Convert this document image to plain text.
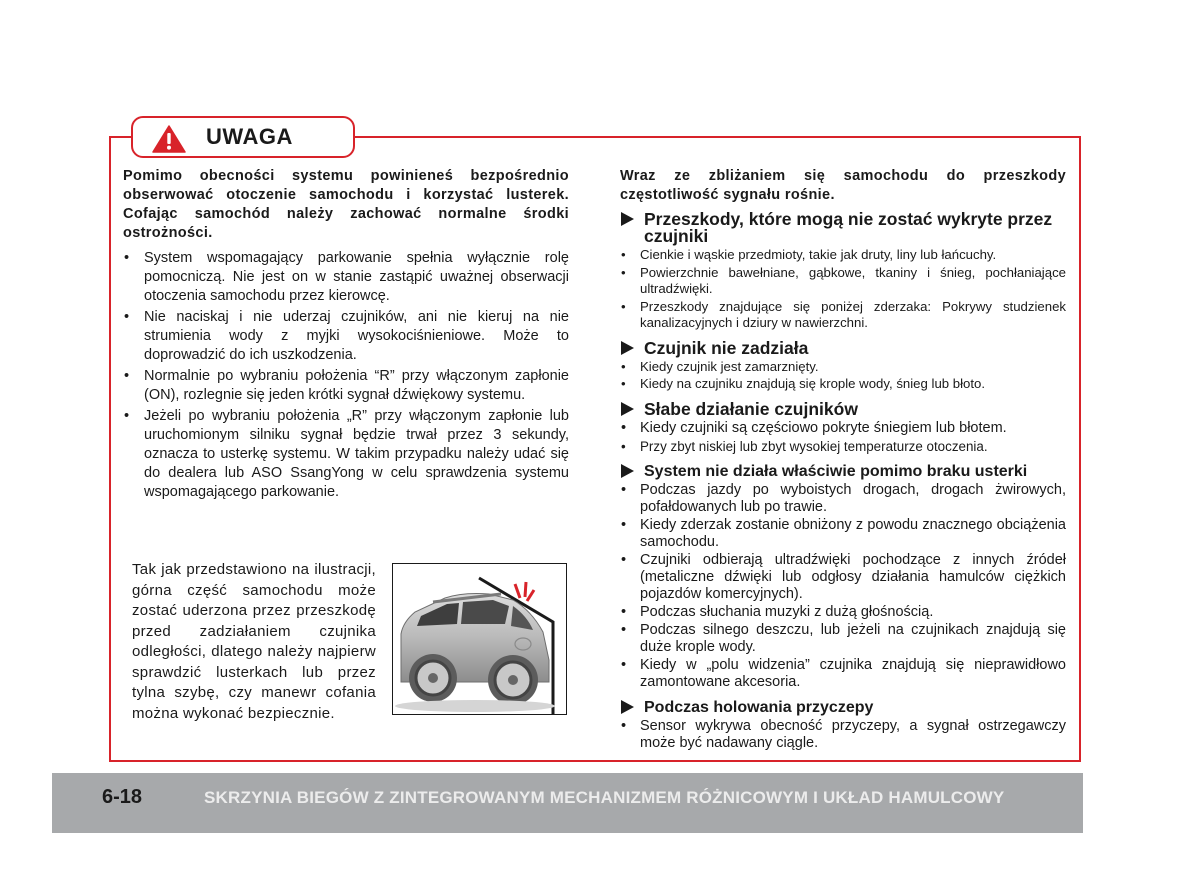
UWAGA

Pomimo obecności systemu powinieneś bezpośrednio obserwować otoczenie samochodu i korzystać lusterek. Cofając samochód należy zachować normalne środki ostrożności.

• System wspomagający parkowanie spełnia wyłącznie rolę pomocniczą. Nie jest on w stanie zastąpić uważnej obserwacji otoczenia samochodu przez kierowcę.
• Nie naciskaj i nie uderzaj czujników, ani nie kieruj na nie strumienia wody z myjki wysokociśnieniowe. Może to doprowadzić do ich uszkodzenia.
• Normalnie po wybraniu położenia “R” przy włączonym zapłonie (ON), rozlegnie się jeden krótki sygnał dźwiękowy systemu.
• Jeżeli po wybraniu położenia „R” przy włączonym zapłonie lub uruchomionym silniku sygnał będzie trwał przez 3 sekundy, oznacza to usterkę systemu. W takim przypadku należy udać się do dealera lub ASO SsangYong w celu sprawdzenia systemu wspomagającego parkowanie.

Tak jak przedstawiono na ilustracji, górna część samochodu może zostać uderzona przez przeszkodę przed zadziałaniem czujnika odległości, dlatego należy najpierw sprawdzić lusterkach lub przez tylna szybę, czy manewr cofania można wykonać bezpiecznie.

Wraz ze zbliżaniem się samochodu do przeszkody częstotliwość sygnału rośnie.

Przeszkody, które mogą nie zostać wykryte przez czujniki
• Cienkie i wąskie przedmioty, takie jak druty, liny lub łańcuchy.
• Powierzchnie bawełniane, gąbkowe, tkaniny i śnieg, pochłaniające ultradźwięki.
• Przeszkody znajdujące się poniżej zderzaka: Pokrywy studzienek kanalizacyjnych i dziury w nawierzchni.
Czujnik nie zadziała
• Kiedy czujnik jest zamarznięty.
• Kiedy na czujniku znajdują się krople wody, śnieg lub błoto.
Słabe działanie czujników
• Kiedy czujniki są częściowo pokryte śniegiem lub błotem.
• Przy zbyt niskiej lub zbyt wysokiej temperaturze otoczenia.
System nie działa właściwie pomimo braku usterki
• Podczas jazdy po wyboistych drogach, drogach żwirowych, pofałdowanych lub po trawie.
• Kiedy zderzak zostanie obniżony z powodu znacznego obciążenia samochodu.
• Czujniki odbierają ultradźwięki pochodzące z innych źródeł (metaliczne dźwięki lub odgłosy działania hamulców ciężkich pojazdów komercyjnych).
• Podczas słuchania muzyki z dużą głośnością.
• Podczas silnego deszczu, lub jeżeli na czujnikach znajdują się duże krople wody.
• Kiedy w „polu widzenia” czujnika znajdują się nieprawidłowo zamontowane akcesoria.
Podczas holowania przyczepy
• Sensor wykrywa obecność przyczepy, a sygnał ostrzegawczy może być nadawany ciągle.
6-18	SKRZYNIA BIEGÓW Z ZINTEGROWANYM MECHANIZMEM RÓŻNICOWYM I UKŁAD HAMULCOWY
